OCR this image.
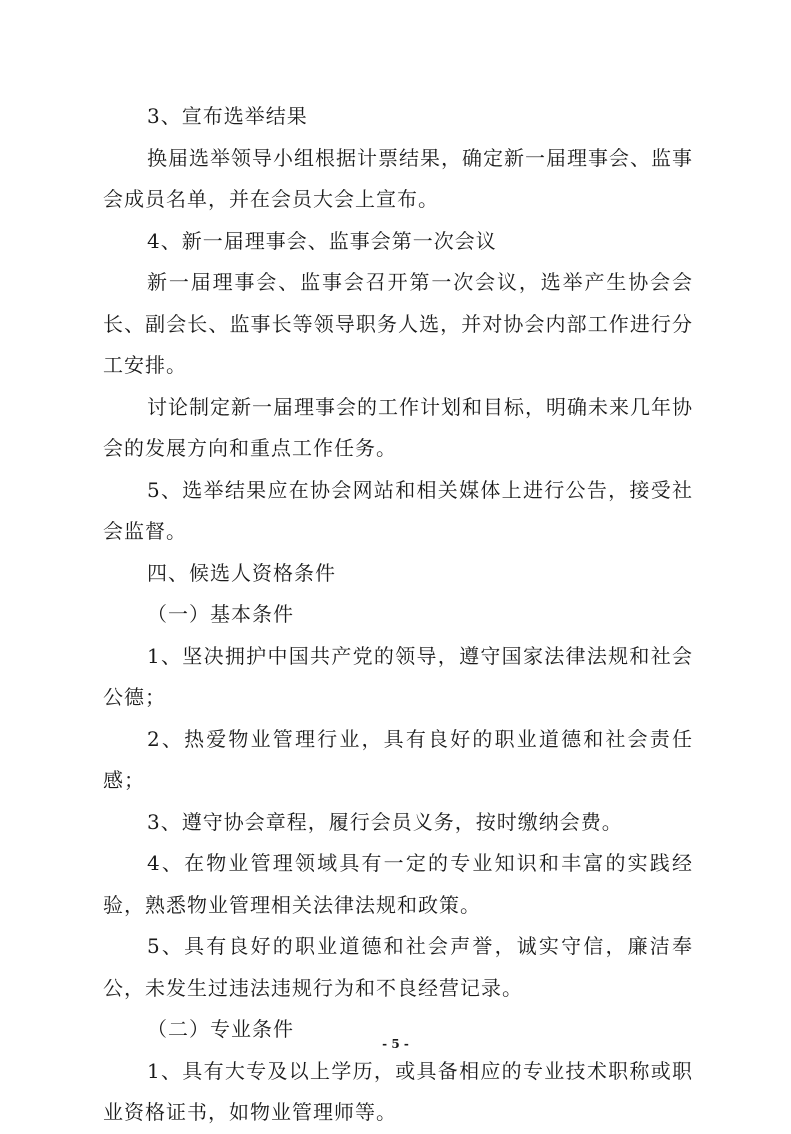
3、宣布选举结果

换届选举领导小组根据计票结果，确定新一届理事会、监事会成员名单，并在会员大会上宣布。

4、新一届理事会、监事会第一次会议

新一届理事会、监事会召开第一次会议，选举产生协会会长、副会长、监事长等领导职务人选，并对协会内部工作进行分工安排。

讨论制定新一届理事会的工作计划和目标，明确未来几年协会的发展方向和重点工作任务。

5、选举结果应在协会网站和相关媒体上进行公告，接受社会监督。

四、候选人资格条件

（一）基本条件

1、坚决拥护中国共产党的领导，遵守国家法律法规和社会公德；

2、热爱物业管理行业，具有良好的职业道德和社会责任感；

3、遵守协会章程，履行会员义务，按时缴纳会费。

4、在物业管理领域具有一定的专业知识和丰富的实践经验，熟悉物业管理相关法律法规和政策。

5、具有良好的职业道德和社会声誉，诚实守信，廉洁奉公，未发生过违法违规行为和不良经营记录。

（二）专业条件

1、具有大专及以上学历，或具备相应的专业技术职称或职业资格证书，如物业管理师等。

- 5 -
